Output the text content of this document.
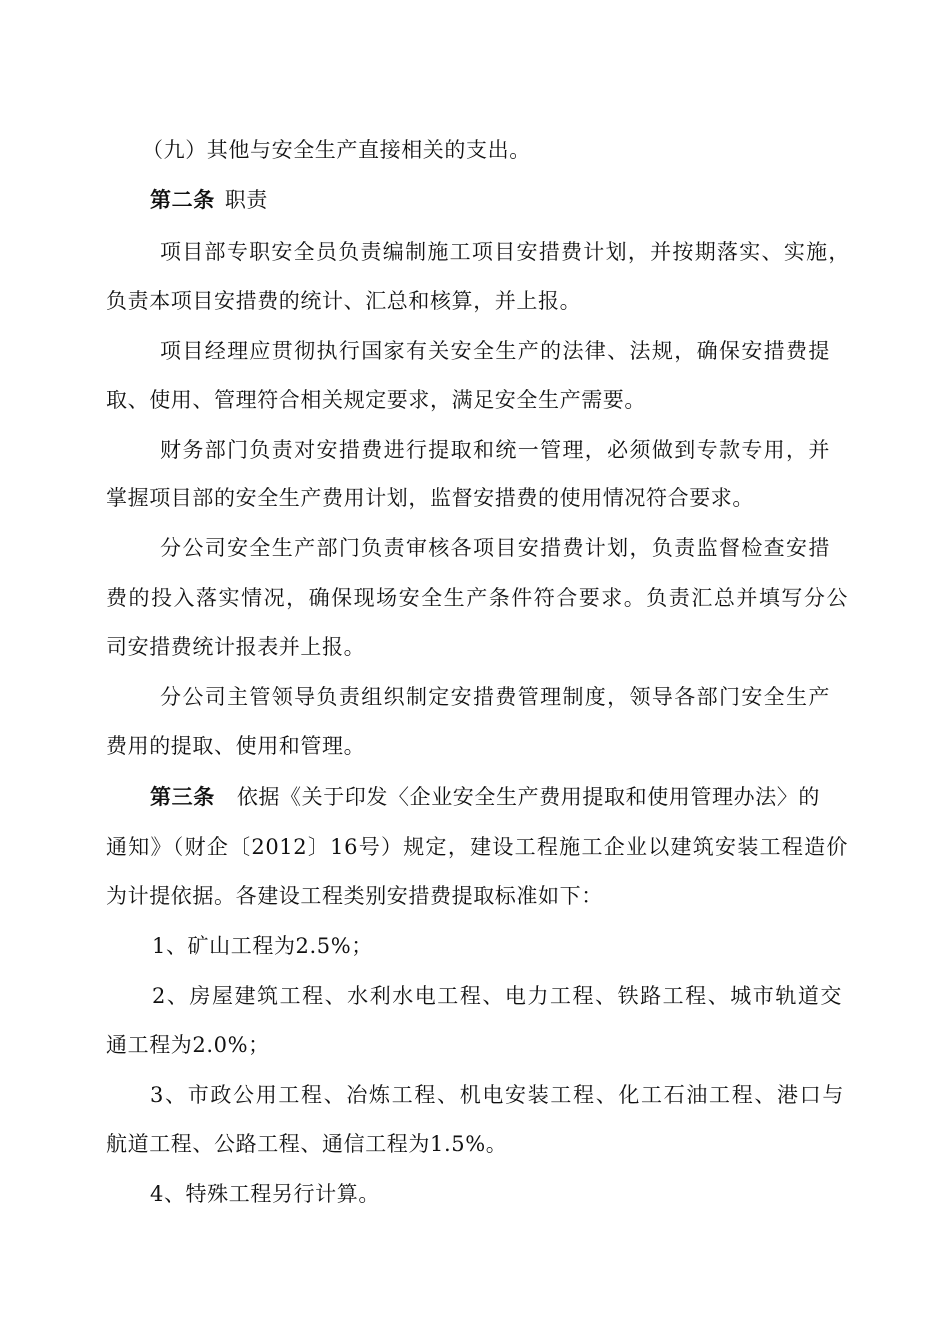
（九）其他与安全生产直接相关的支出。
第二条 职责
项目部专职安全员负责编制施工项目安措费计划，并按期落实、实施，
负责本项目安措费的统计、汇总和核算，并上报。
项目经理应贯彻执行国家有关安全生产的法律、法规，确保安措费提
取、使用、管理符合相关规定要求，满足安全生产需要。
财务部门负责对安措费进行提取和统一管理，必须做到专款专用，并
掌握项目部的安全生产费用计划，监督安措费的使用情况符合要求。
分公司安全生产部门负责审核各项目安措费计划，负责监督检查安措
费的投入落实情况，确保现场安全生产条件符合要求。负责汇总并填写分公
司安措费统计报表并上报。
分公司主管领导负责组织制定安措费管理制度，领导各部门安全生产
费用的提取、使用和管理。
第三条 依据《关于印发〈企业安全生产费用提取和使用管理办法〉的
通知》（财企〔2012〕16号）规定，建设工程施工企业以建筑安装工程造价
为计提依据。各建设工程类别安措费提取标准如下：
1、矿山工程为2.5%；
2、房屋建筑工程、水利水电工程、电力工程、铁路工程、城市轨道交
通工程为2.0%；
3、市政公用工程、冶炼工程、机电安装工程、化工石油工程、港口与
航道工程、公路工程、通信工程为1.5%。
4、特殊工程另行计算。
